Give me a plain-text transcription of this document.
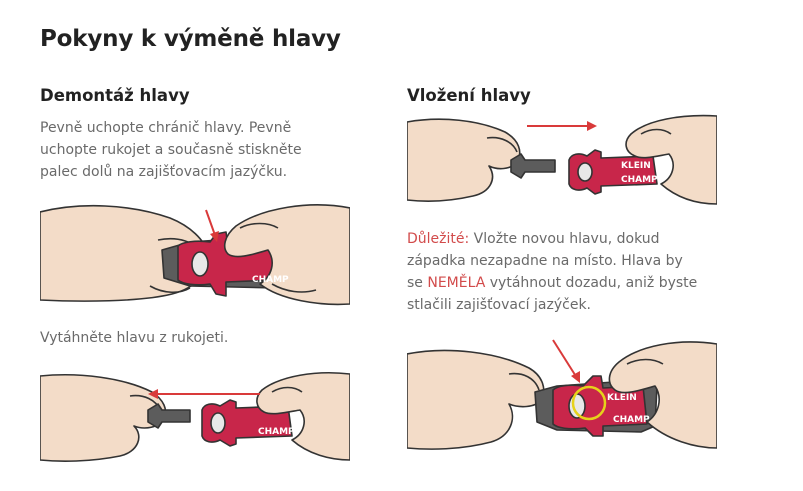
Pokyny k výměně hlavy
Demontáž hlavy

Pevně uchopte chránič hlavy. Pevně
uchopte rukojet a současně stiskněte
palec dolů na zajišťovacím jazýčku.

CHAMP

Vytáhněte hlavu z rukojeti.

CHAMP
Vložení hlavy
KLEIN
CHAMP

Důležité: Vložte novou hlavu, dokud
západka nezapadne na místo. Hlava by
se NEMĚLA vytáhnout dozadu, aniž byste
stlačili zajišťovací jazýček.

KLEIN
CHAMP
